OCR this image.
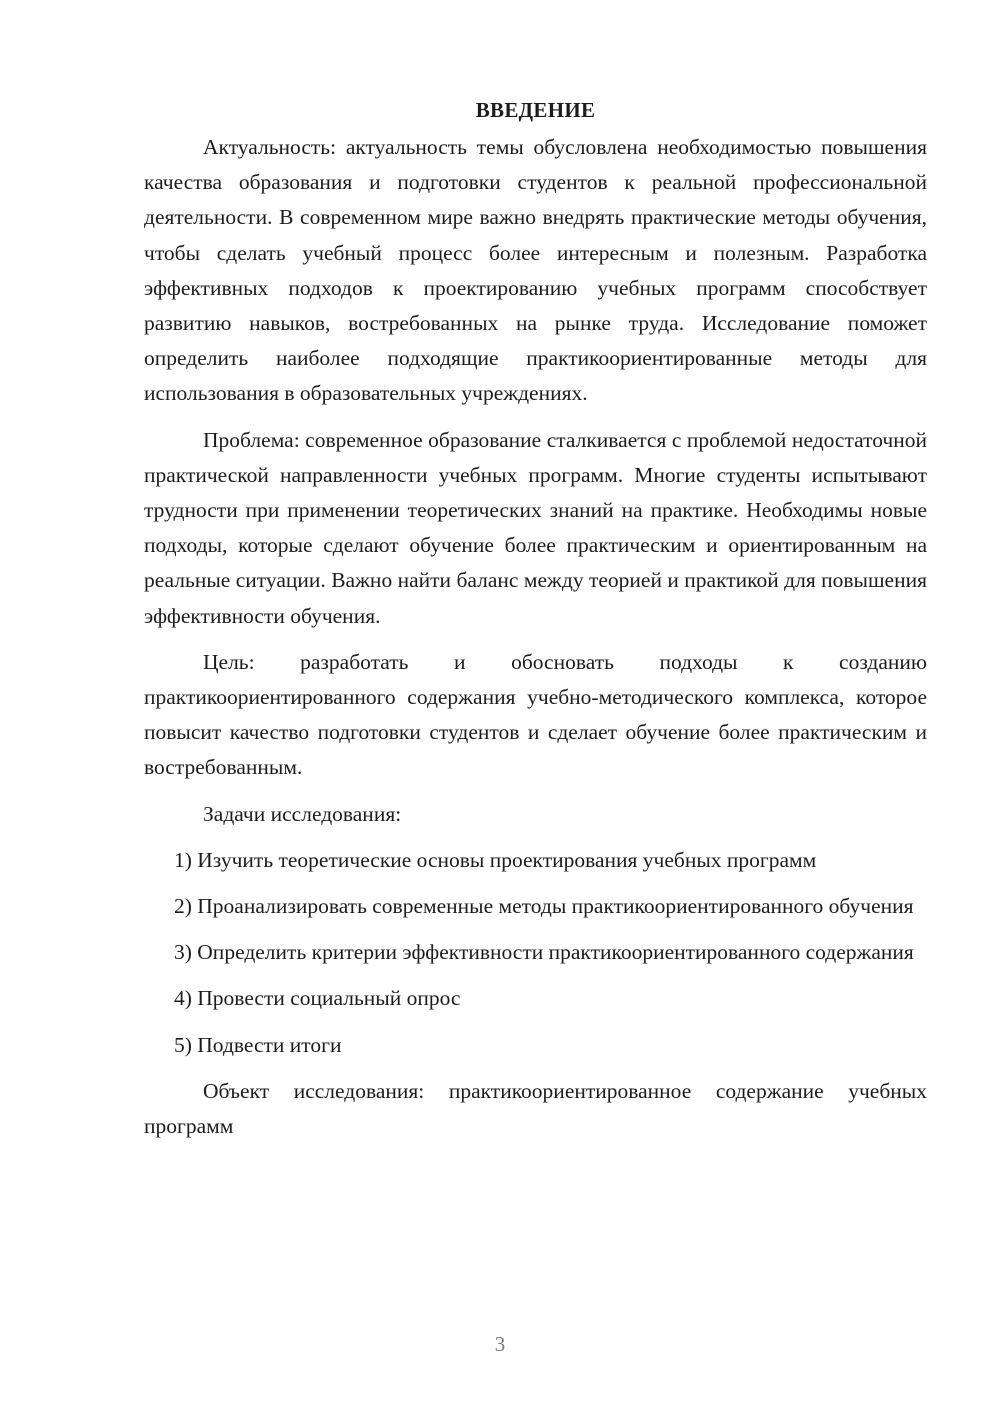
ВВЕДЕНИЕ

Актуальность: актуальность темы обусловлена необходимостью повышения качества образования и подготовки студентов к реальной профессиональной деятельности. В современном мире важно внедрять практические методы обучения, чтобы сделать учебный процесс более интересным и полезным. Разработка эффективных подходов к проектированию учебных программ способствует развитию навыков, востребованных на рынке труда. Исследование поможет определить наиболее подходящие практикоориентированные методы для использования в образовательных учреждениях.

Проблема: современное образование сталкивается с проблемой недостаточной практической направленности учебных программ. Многие студенты испытывают трудности при применении теоретических знаний на практике. Необходимы новые подходы, которые сделают обучение более практическим и ориентированным на реальные ситуации. Важно найти баланс между теорией и практикой для повышения эффективности обучения.

Цель: разработать и обосновать подходы к созданию практикоориентированного содержания учебно-методического комплекса, которое повысит качество подготовки студентов и сделает обучение более практическим и востребованным.

Задачи исследования:

1) Изучить теоретические основы проектирования учебных программ

2) Проанализировать современные методы практикоориентированного обучения

3) Определить критерии эффективности практикоориентированного содержания

4) Провести социальный опрос

5) Подвести итоги

Объект исследования: практикоориентированное содержание учебных программ

3
